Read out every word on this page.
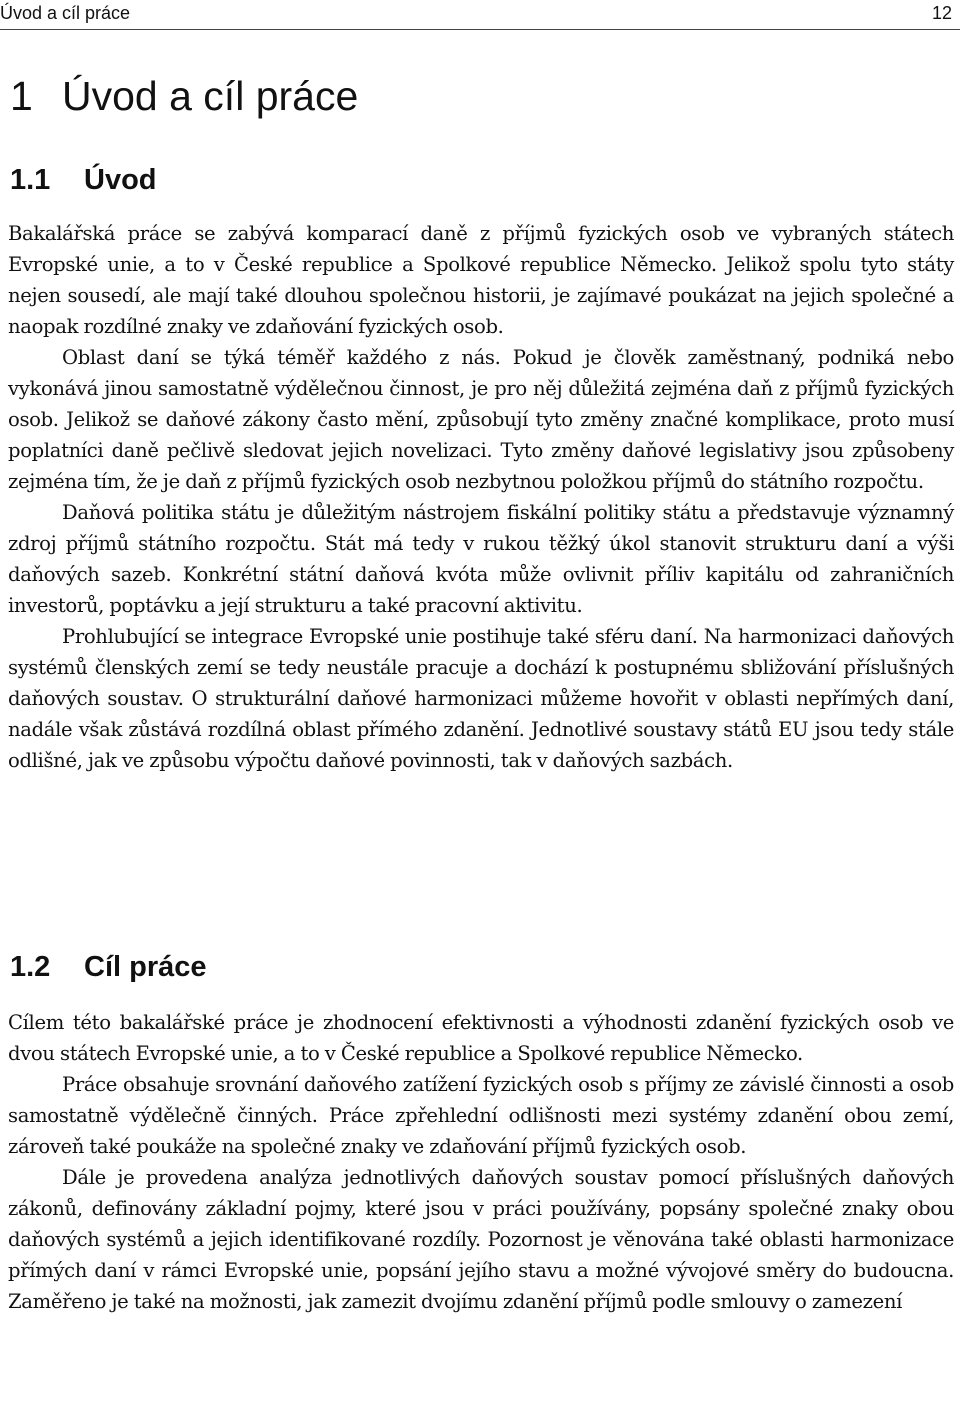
Úvod a cíl práce	12
1 Úvod a cíl práce
1.1 Úvod

Bakalářská práce se zabývá komparací daně z příjmů fyzických osob ve vybraných státech Evropské unie, a to v České republice a Spolkové republice Německo. Jelikož spolu tyto státy nejen sousedí, ale mají také dlouhou společnou historii, je zajímavé poukázat na jejich společné a naopak rozdílné znaky ve zdaňování fyzických osob.

Oblast daní se týká téměř každého z nás. Pokud je člověk zaměstnaný, podniká nebo vykonává jinou samostatně výdělečnou činnost, je pro něj důležitá zejména daň z příjmů fyzických osob. Jelikož se daňové zákony často mění, způsobují tyto změny značné komplikace, proto musí poplatníci daně pečlivě sledovat jejich novelizaci. Tyto změny daňové legislativy jsou způsobeny zejména tím, že je daň z příjmů fyzických osob nezbytnou položkou příjmů do státního rozpočtu.

Daňová politika státu je důležitým nástrojem fiskální politiky státu a představuje významný zdroj příjmů státního rozpočtu. Stát má tedy v rukou těžký úkol stanovit strukturu daní a výši daňových sazeb. Konkrétní státní daňová kvóta může ovlivnit příliv kapitálu od zahraničních investorů, poptávku a její strukturu a také pracovní aktivitu.

Prohlubující se integrace Evropské unie postihuje také sféru daní. Na harmonizaci daňových systémů členských zemí se tedy neustále pracuje a dochází k postupnému sbližování příslušných daňových soustav. O strukturální daňové harmonizaci můžeme hovořit v oblasti nepřímých daní, nadále však zůstává rozdílná oblast přímého zdanění. Jednotlivé soustavy států EU jsou tedy stále odlišné, jak ve způsobu výpočtu daňové povinnosti, tak v daňových sazbách.

1.2 Cíl práce

Cílem této bakalářské práce je zhodnocení efektivnosti a výhodnosti zdanění fyzických osob ve dvou státech Evropské unie, a to v České republice a Spolkové republice Německo.

Práce obsahuje srovnání daňového zatížení fyzických osob s příjmy ze závislé činnosti a osob samostatně výdělečně činných. Práce zpřehlední odlišnosti mezi systémy zdanění obou zemí, zároveň také poukáže na společné znaky ve zdaňování příjmů fyzických osob.

Dále je provedena analýza jednotlivých daňových soustav pomocí příslušných daňových zákonů, definovány základní pojmy, které jsou v práci používány, popsány společné znaky obou daňových systémů a jejich identifikované rozdíly. Pozornost je věnována také oblasti harmonizace přímých daní v rámci Evropské unie, popsání jejího stavu a možné vývojové směry do budoucna. Zaměřeno je také na možnosti, jak zamezit dvojímu zdanění příjmů podle smlouvy o zamezení
